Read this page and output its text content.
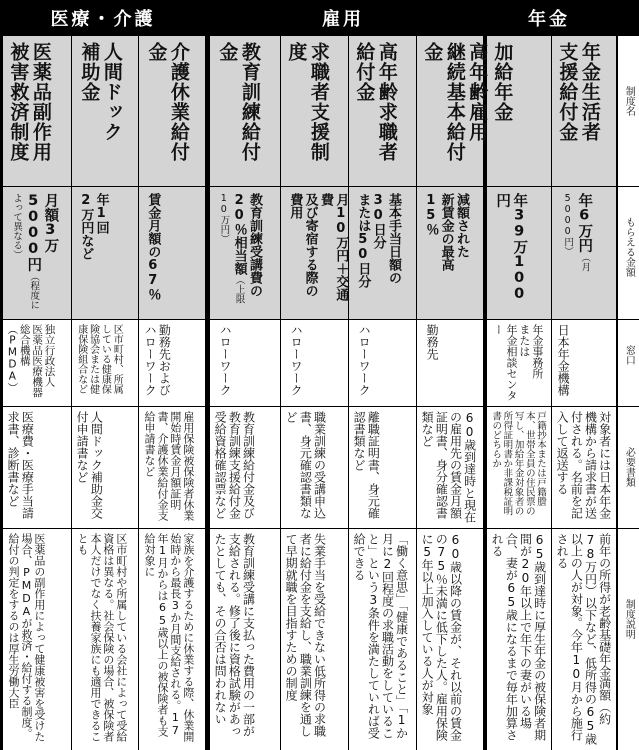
医療・介護	雇用	年金

制度名

もらえる金額

窓口

必要書類

制度説明

年金生活者
支援給付金

年6万円（月5000円）

日本年金機構

対象者には日本年金機構から請求書が送付される。名前を記入して返送する

前年の所得が老齢基礎年金満額（約78万円）以下など、低所得の65歳以上の人が対象。今年10月から施行される

加給年金

年39万100円

年金事務所
または
年金相談センター

戸籍抄本または戸籍謄本、世帯全員の住民票の写し、加給年金対象者の所得証明書か非課税証明書のどちらか

65歳到達時に厚生年金の被保険者期間が20年以上で年下の妻がいる場合、妻が65歳になるまで毎年加算される

高年齢雇用
継続基本給付金

減額された
新賃金の最高15％

勤務先

60歳到達時と現在の雇用先の賃金月額証明書、身分確認書類など

60歳以降の賃金が、それ以前の賃金の75％未満に低下した人。雇用保険に5年以上加入している人が対象

高年齢求職者
給付金

基本手当日額の
30日分
または50日分

ハローワーク

離職証明書、身元確認書類など

「働く意思」「健康であること」「1か月に2回程度の求職活動をしていること」という3条件を満たしていれば受給できる

求職者支援制度

月10万円＋交通費
及び寄宿する際の
費用

ハローワーク

職業訓練の受講申込書、身元確認書類など

失業手当を受給できない低所得の求職者に給付金を支給し、職業訓練を通して早期就職を目指すための制度

教育訓練給付金

教育訓練受講費の
20％相当額（上限10万円）

ハローワーク

教育訓練給付金及び教育訓練支援給付金受給資格確認票など

教育訓練受講に支払った費用の一部が支給される。修了後に資格試験があったとしても、その合否は問われない

介護休業給付金

賃金月額の67％

勤務先および
ハローワーク

雇用保険被保険者休業開始時賃金月額証明書、介護休業給付金支給申請書など

家族を介護するために休業する際、休業開始時から最長3か月間支給される。17年1月からは65歳以上の被保険者も支給対象に

人間ドック
補助金

年1回
2万円など

区市町村、所属している健康保険協会または健康保険組合など

人間ドック補助金交付申請書など

区市町村や所属している会社によって受給資格は異なる。社会保険の場合、被保険者本人だけでなく扶養家族にも適用できることも

医薬品副作用
被害救済制度

月額3万5000円（程度によって異なる）

独立行政法人
医薬品医療機器総合機構
（PMDA）

医療費・医療手当請求書、診断書など

医薬品の副作用によって健康被害を受けた場合、PMDAが救済・給付する制度。給付の判定をするのは厚生労働大臣
